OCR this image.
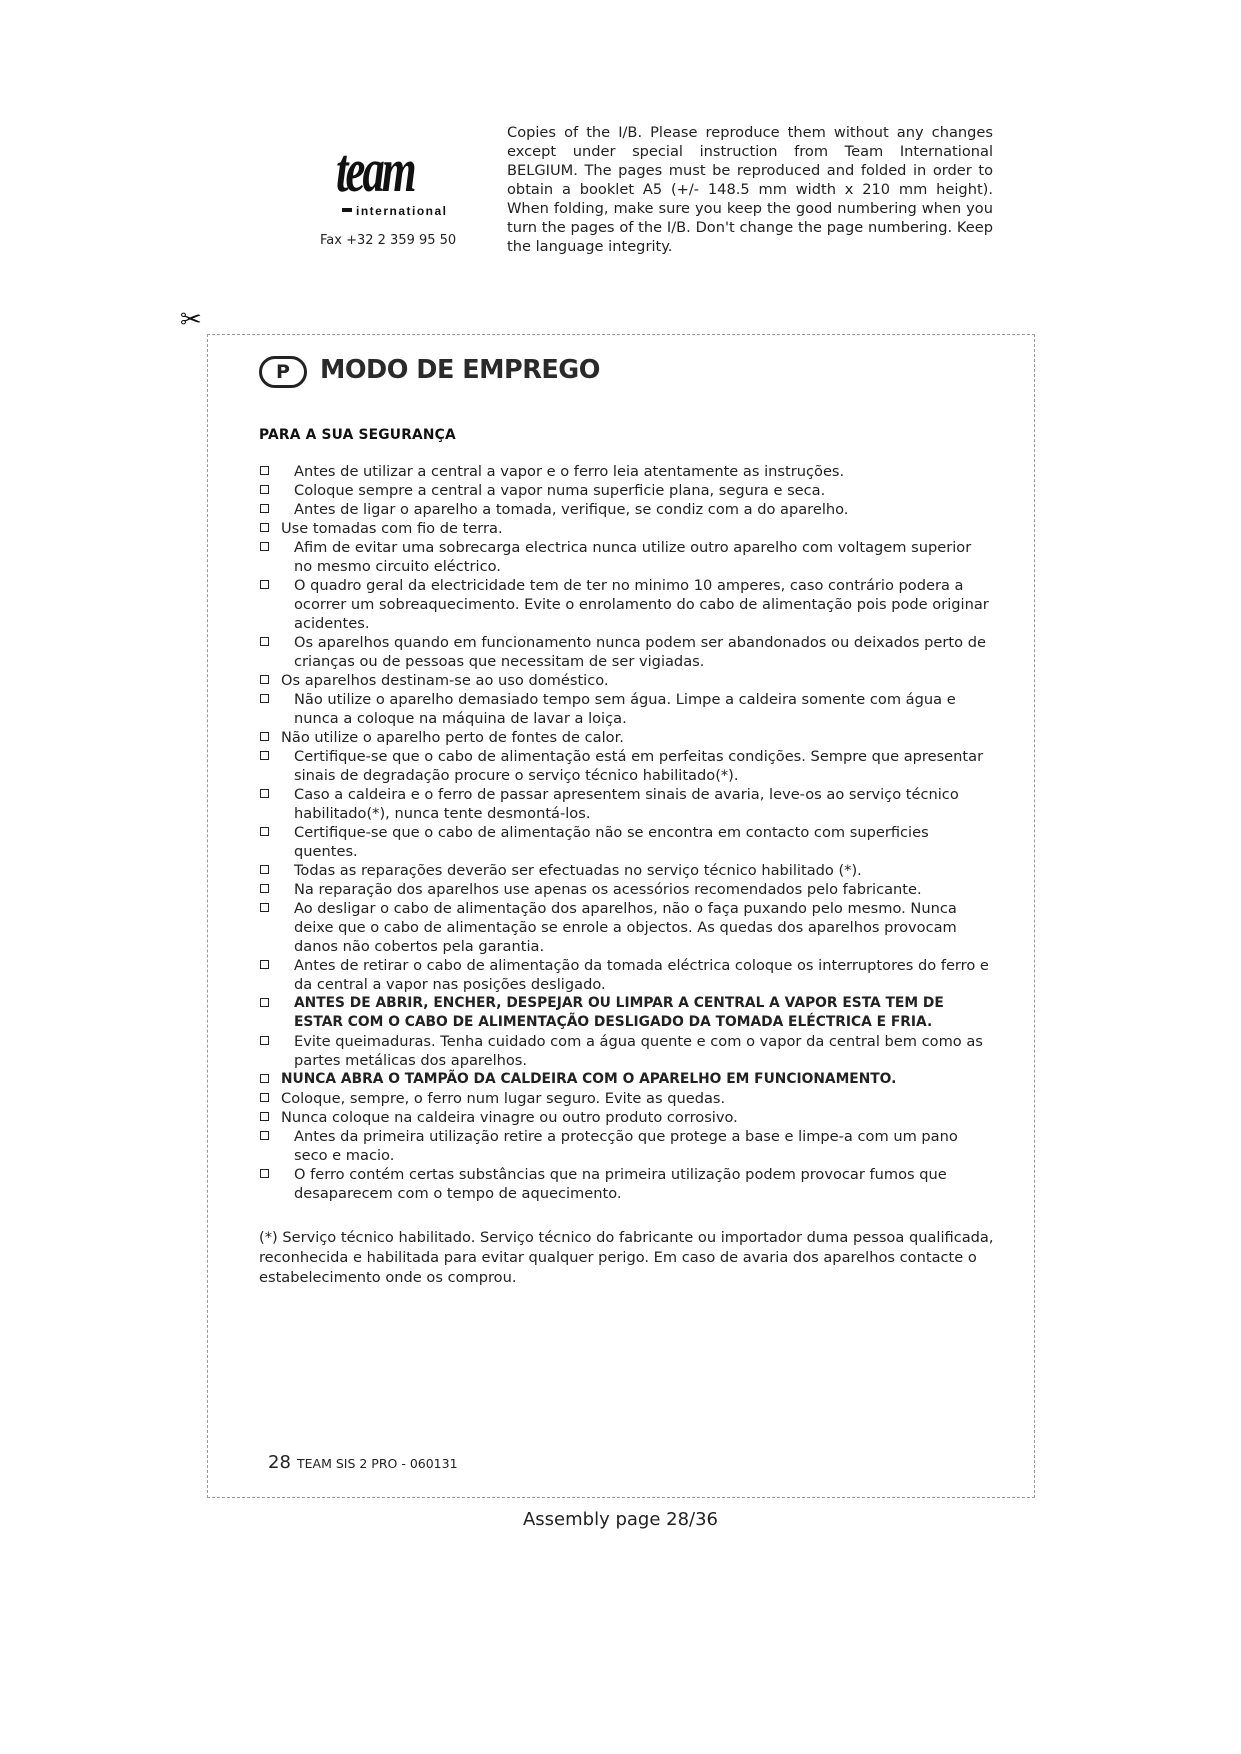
team
international
Fax +32 2 359 95 50
Copies of the I/B. Please reproduce them without any changes except under special instruction from Team International BELGIUM. The pages must be reproduced and folded in order to obtain a booklet A5 (+/- 148.5 mm width x 210 mm height). When folding, make sure you keep the good numbering when you turn the pages of the I/B. Don't change the page numbering. Keep the language integrity.
✂
P	MODO DE EMPREGO
PARA A SUA SEGURANÇA
Antes de utilizar a central a vapor e o ferro leia atentamente as instruções.
Coloque sempre a central a vapor numa superficie plana, segura e seca.
Antes de ligar o aparelho a tomada, verifique, se condiz com a do aparelho.
Use tomadas com fio de terra.
Afim de evitar uma sobrecarga electrica nunca utilize outro aparelho com voltagem superior no mesmo circuito eléctrico.
O quadro geral da electricidade tem de ter no minimo 10 amperes, caso contrário podera a ocorrer um sobreaquecimento. Evite o enrolamento do cabo de alimentação pois pode originar acidentes.
Os aparelhos quando em funcionamento nunca podem ser abandonados ou deixados perto de crianças ou de pessoas que necessitam de ser vigiadas.
Os aparelhos destinam-se ao uso doméstico.
Não utilize o aparelho demasiado tempo sem água. Limpe a caldeira somente com água e nunca a coloque na máquina de lavar a loiça.
Não utilize o aparelho perto de fontes de calor.
Certifique-se que o cabo de alimentação está em perfeitas condições. Sempre que apresentar sinais de degradação procure o serviço técnico habilitado(*).
Caso a caldeira e o ferro de passar apresentem sinais de avaria, leve-os ao serviço técnico habilitado(*), nunca tente desmontá-los.
Certifique-se que o cabo de alimentação não se encontra em contacto com superficies quentes.
Todas as reparações deverão ser efectuadas no serviço técnico habilitado (*).
Na reparação dos aparelhos use apenas os acessórios recomendados pelo fabricante.
Ao desligar o cabo de alimentação dos aparelhos, não o faça puxando pelo mesmo. Nunca deixe que o cabo de alimentação se enrole a objectos. As quedas dos aparelhos provocam danos não cobertos pela garantia.
Antes de retirar o cabo de alimentação da tomada eléctrica coloque os interruptores do ferro e da central a vapor nas posições desligado.
ANTES DE ABRIR, ENCHER, DESPEJAR OU LIMPAR A CENTRAL A VAPOR ESTA TEM DE ESTAR COM O CABO DE ALIMENTAÇÃO DESLIGADO DA TOMADA ELÉCTRICA E FRIA.
Evite queimaduras. Tenha cuidado com a água quente e com o vapor da central bem como as partes metálicas dos aparelhos.
NUNCA ABRA O TAMPÃO DA CALDEIRA COM O APARELHO EM FUNCIONAMENTO.
Coloque, sempre, o ferro num lugar seguro. Evite as quedas.
Nunca coloque na caldeira vinagre ou outro produto corrosivo.
Antes da primeira utilização retire a protecção que protege a base e limpe-a com um pano seco e macio.
O ferro contém certas substâncias que na primeira utilização podem provocar fumos que desaparecem com o tempo de aquecimento.
(*) Serviço técnico habilitado. Serviço técnico do fabricante ou importador duma pessoa qualificada, reconhecida e habilitada para evitar qualquer perigo. Em caso de avaria dos aparelhos contacte o estabelecimento onde os comprou.
28 TEAM SIS 2 PRO - 060131
Assembly page 28/36
